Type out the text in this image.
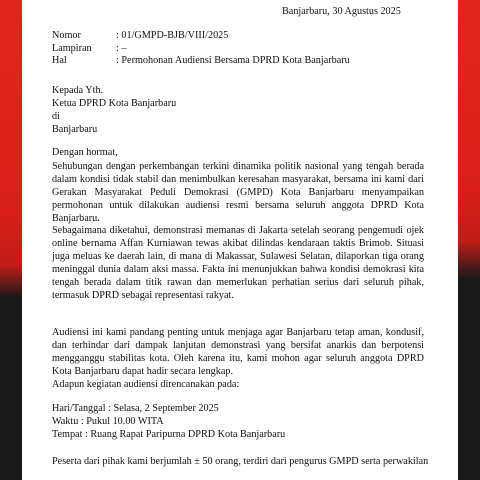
Banjarbaru, 30 Agustus 2025
Nomor	: 01/GMPD-BJB/VIII/2025
Lampiran : –
Hal	: Permohonan Audiensi Bersama DPRD Kota Banjarbaru
Kepada Yth.
Ketua DPRD Kota Banjarbaru
di
Banjarbaru
Dengan hormat,
Sehubungan dengan perkembangan terkini dinamika politik nasional yang tengah berada dalam kondisi tidak stabil dan menimbulkan keresahan masyarakat, bersama ini kami dari Gerakan Masyarakat Peduli Demokrasi (GMPD) Kota Banjarbaru menyampaikan permohonan untuk dilakukan audiensi resmi bersama seluruh anggota DPRD Kota Banjarbaru.
Sebagaimana diketahui, demonstrasi memanas di Jakarta setelah seorang pengemudi ojek online bernama Affan Kurniawan tewas akibat dilindas kendaraan taktis Brimob. Situasi juga meluas ke daerah lain, di mana di Makassar, Sulawesi Selatan, dilaporkan tiga orang meninggal dunia dalam aksi massa. Fakta ini menunjukkan bahwa kondisi demokrasi kita tengah berada dalam titik rawan dan memerlukan perhatian serius dari seluruh pihak, termasuk DPRD sebagai representasi rakyat.
Audiensi ini kami pandang penting untuk menjaga agar Banjarbaru tetap aman, kondusif, dan terhindar dari dampak lanjutan demonstrasi yang bersifat anarkis dan berpotensi mengganggu stabilitas kota. Oleh karena itu, kami mohon agar seluruh anggota DPRD Kota Banjarbaru dapat hadir secara lengkap.
Adapun kegiatan audiensi direncanakan pada:
Hari/Tanggal : Selasa, 2 September 2025
Waktu : Pukul 10.00 WITA
Tempat : Ruang Rapat Paripurna DPRD Kota Banjarbaru
Peserta dari pihak kami berjumlah ± 50 orang, terdiri dari pengurus GMPD serta perwakilan
